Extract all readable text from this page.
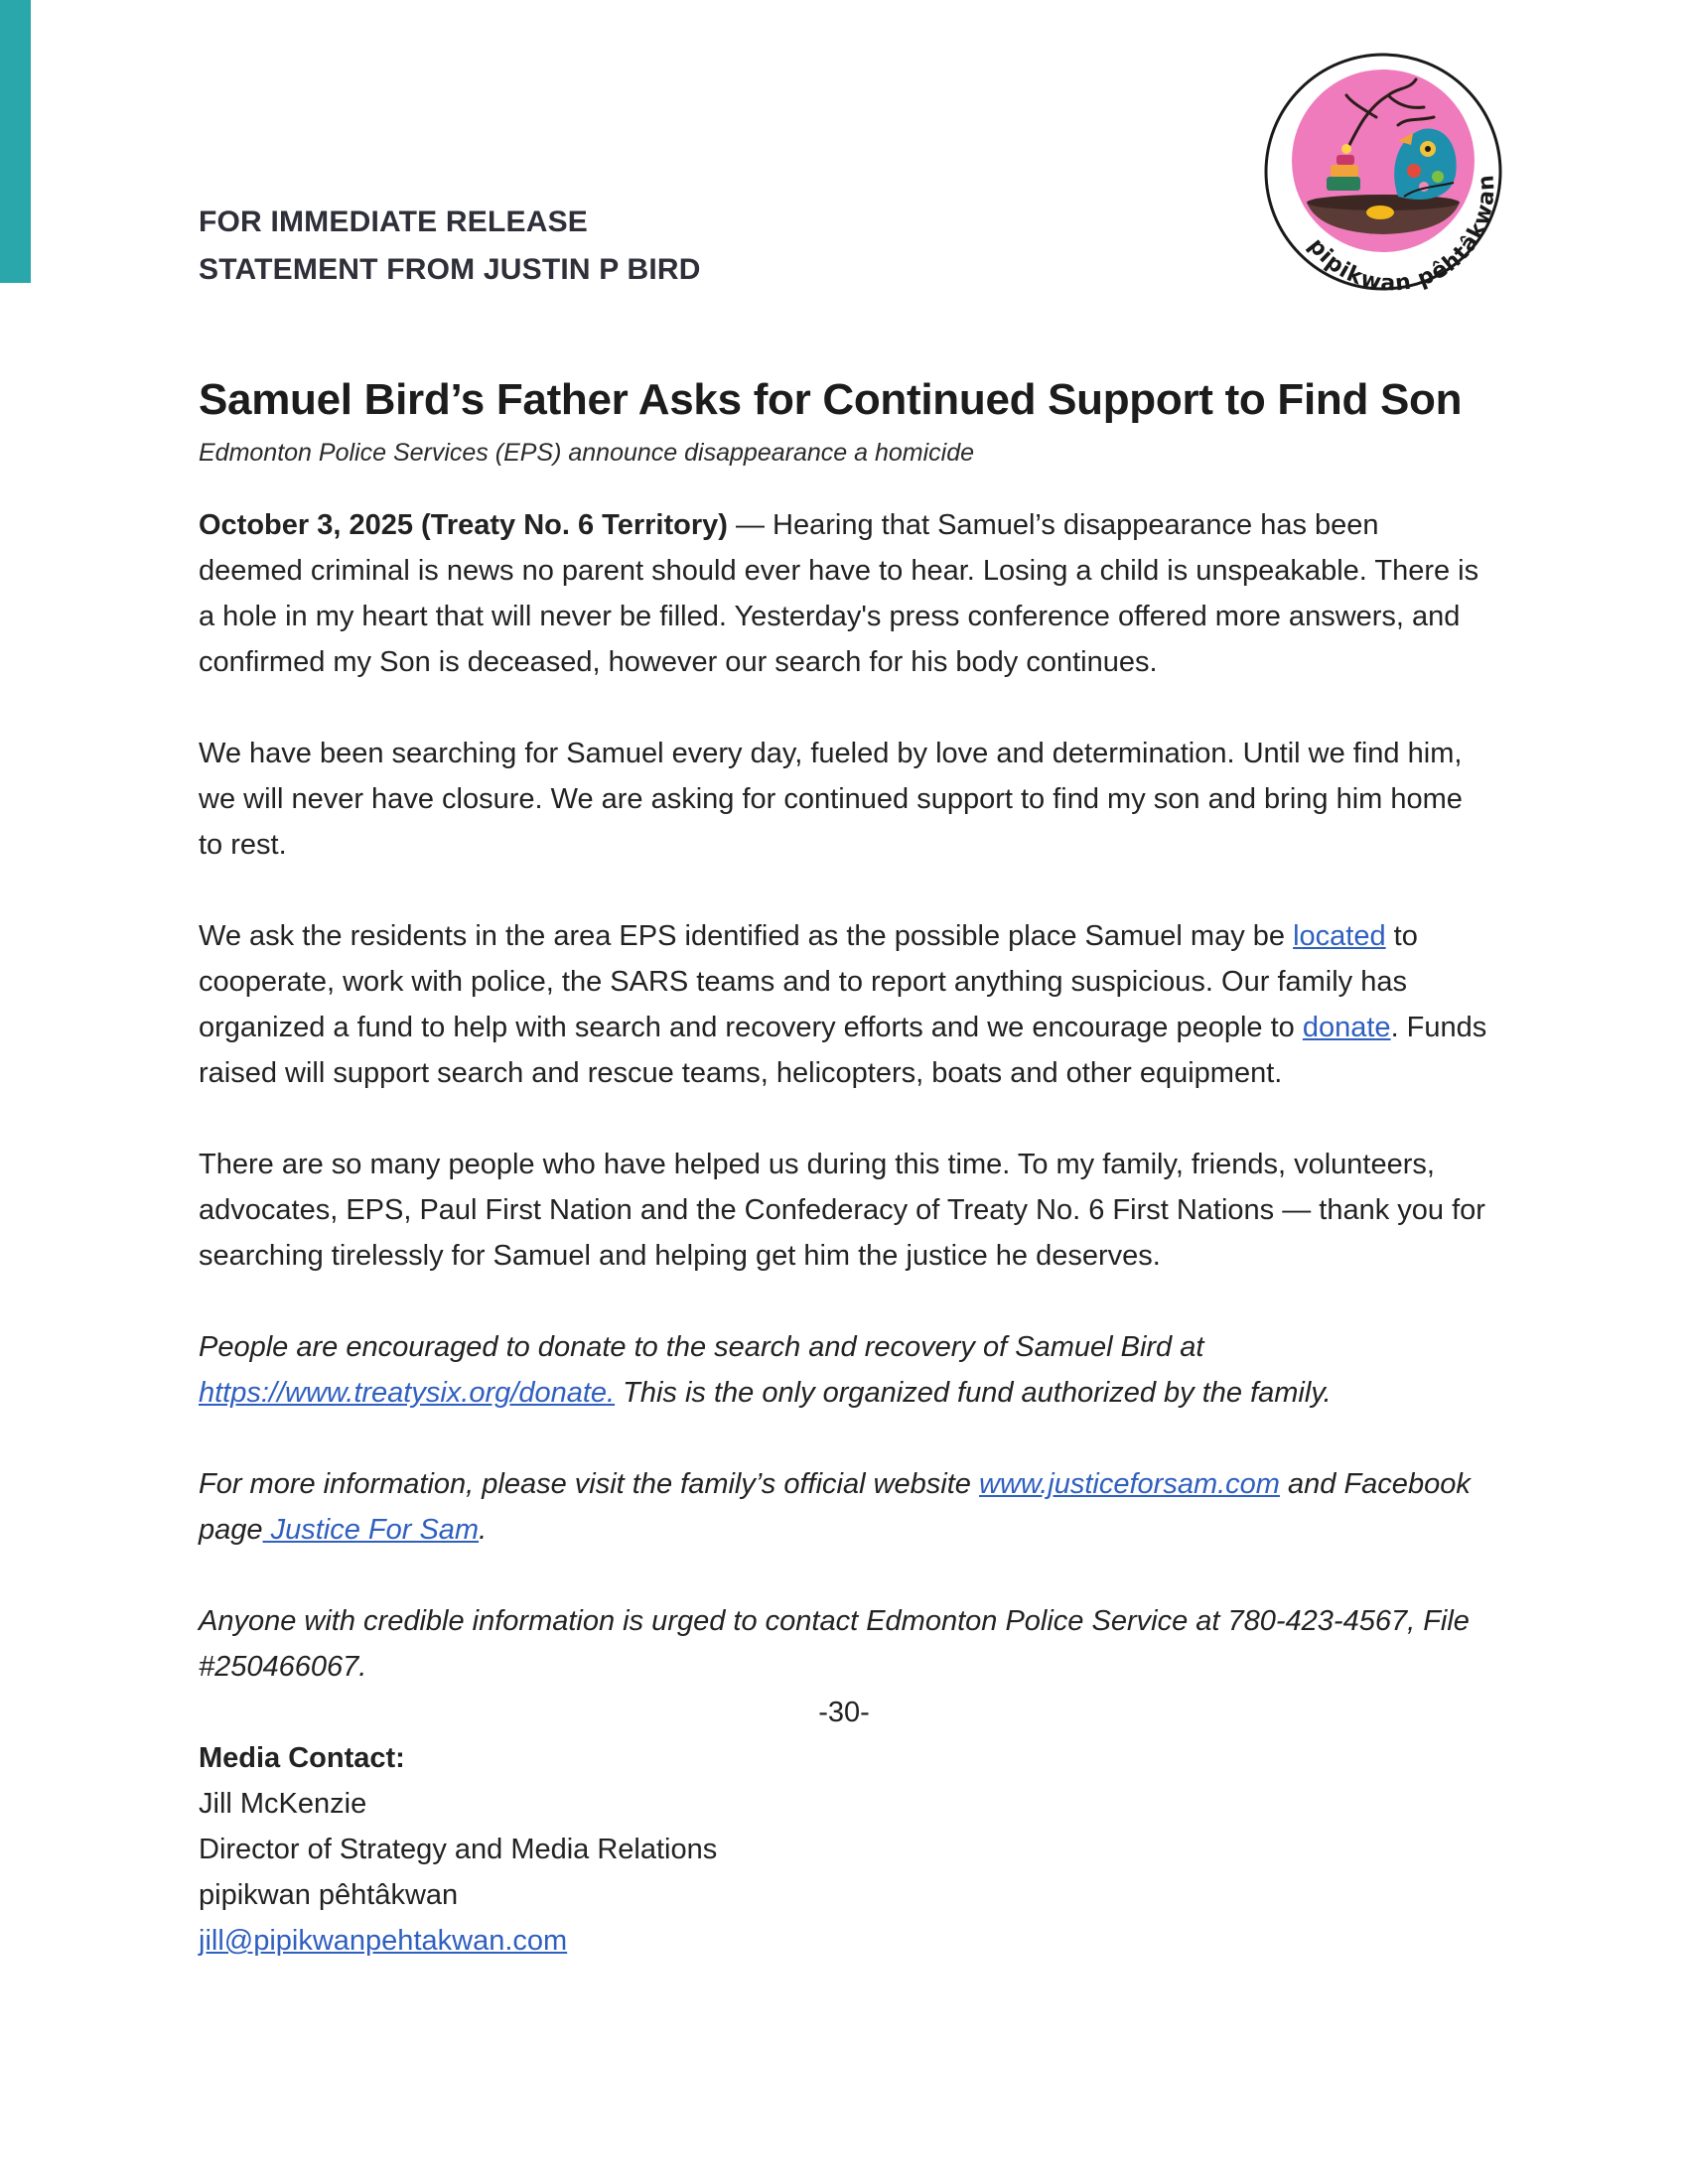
FOR IMMEDIATE RELEASE
STATEMENT FROM JUSTIN P BIRD
pipikwan pêhtâkwan
Samuel Bird’s Father Asks for Continued Support to Find Son
Edmonton Police Services (EPS) announce disappearance a homicide

October 3, 2025 (Treaty No. 6 Territory) — Hearing that Samuel’s disappearance has been deemed criminal is news no parent should ever have to hear. Losing a child is unspeakable. There is a hole in my heart that will never be filled. Yesterday's press conference offered more answers, and confirmed my Son is deceased, however our search for his body continues.

We have been searching for Samuel every day, fueled by love and determination. Until we find him, we will never have closure. We are asking for continued support to find my son and bring him home to rest.

We ask the residents in the area EPS identified as the possible place Samuel may be located to cooperate, work with police, the SARS teams and to report anything suspicious. Our family has organized a fund to help with search and recovery efforts and we encourage people to donate. Funds raised will support search and rescue teams, helicopters, boats and other equipment.

There are so many people who have helped us during this time. To my family, friends, volunteers, advocates, EPS, Paul First Nation and the Confederacy of Treaty No. 6 First Nations — thank you for searching tirelessly for Samuel and helping get him the justice he deserves.

People are encouraged to donate to the search and recovery of Samuel Bird at https://www.treatysix.org/donate. This is the only organized fund authorized by the family.

For more information, please visit the family’s official website www.justiceforsam.com and Facebook page Justice For Sam.

Anyone with credible information is urged to contact Edmonton Police Service at 780-423-4567, File #250466067.

-30-
Media Contact:
Jill McKenzie
Director of Strategy and Media Relations
pipikwan pêhtâkwan
jill@pipikwanpehtakwan.com
